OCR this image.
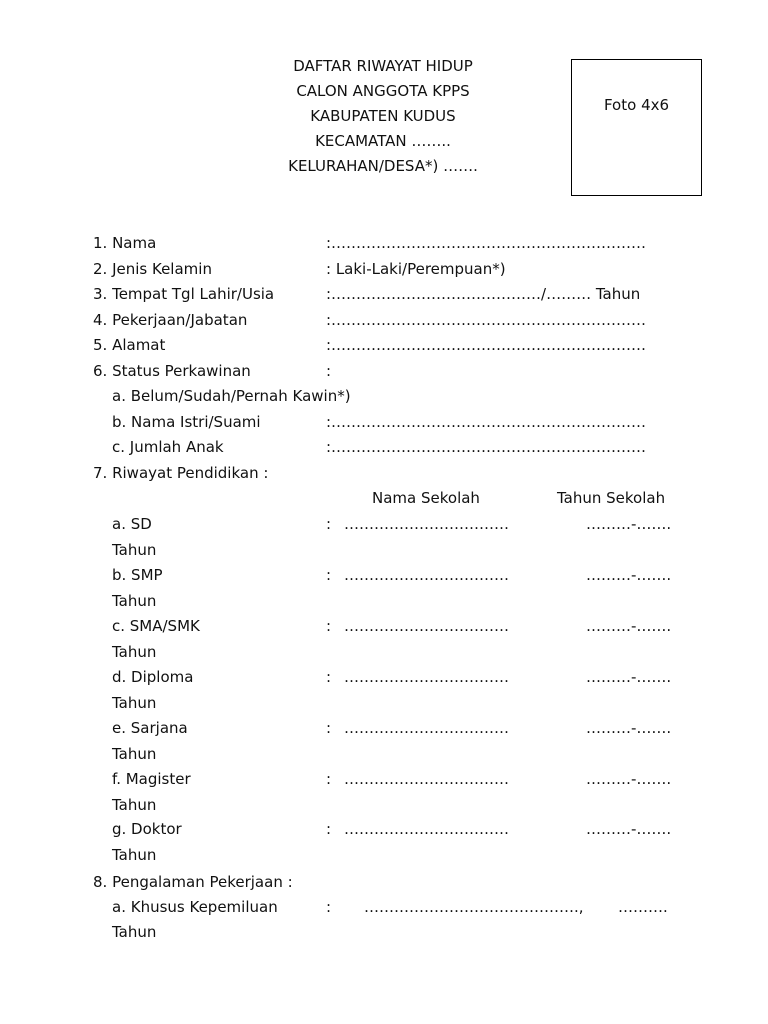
DAFTAR RIWAYAT HIDUP
CALON ANGGOTA KPPS
KABUPATEN KUDUS
KECAMATAN ……..
KELURAHAN/DESA*) …….
Foto 4x6
1. Nama	:………………………………………………………
2. Jenis Kelamin	: Laki-Laki/Perempuan*)
3. Tempat Tgl Lahir/Usia	:……………………………………/……… Tahun
4. Pekerjaan/Jabatan	:………………………………………………………
5. Alamat	:………………………………………………………
6. Status Perkawinan	:
a. Belum/Sudah/Pernah Kawin*)
b. Nama Istri/Suami	:………………………………………………………
c. Jumlah Anak	:………………………………………………………
7. Riwayat Pendidikan :
Nama Sekolah	Tahun Sekolah
a. SD	: ……………………………	………-…….
Tahun
b. SMP	: ……………………………	………-…….
Tahun
c. SMA/SMK	: ……………………………	………-…….
Tahun
d. Diploma	: ……………………………	………-…….
Tahun
e. Sarjana	: ……………………………	………-…….
Tahun
f. Magister	: ……………………………	………-…….
Tahun
g. Doktor	: ……………………………	………-…….
Tahun
8. Pengalaman Pekerjaan :
a. Khusus Kepemiluan	: ……………………………………., ……….
Tahun
